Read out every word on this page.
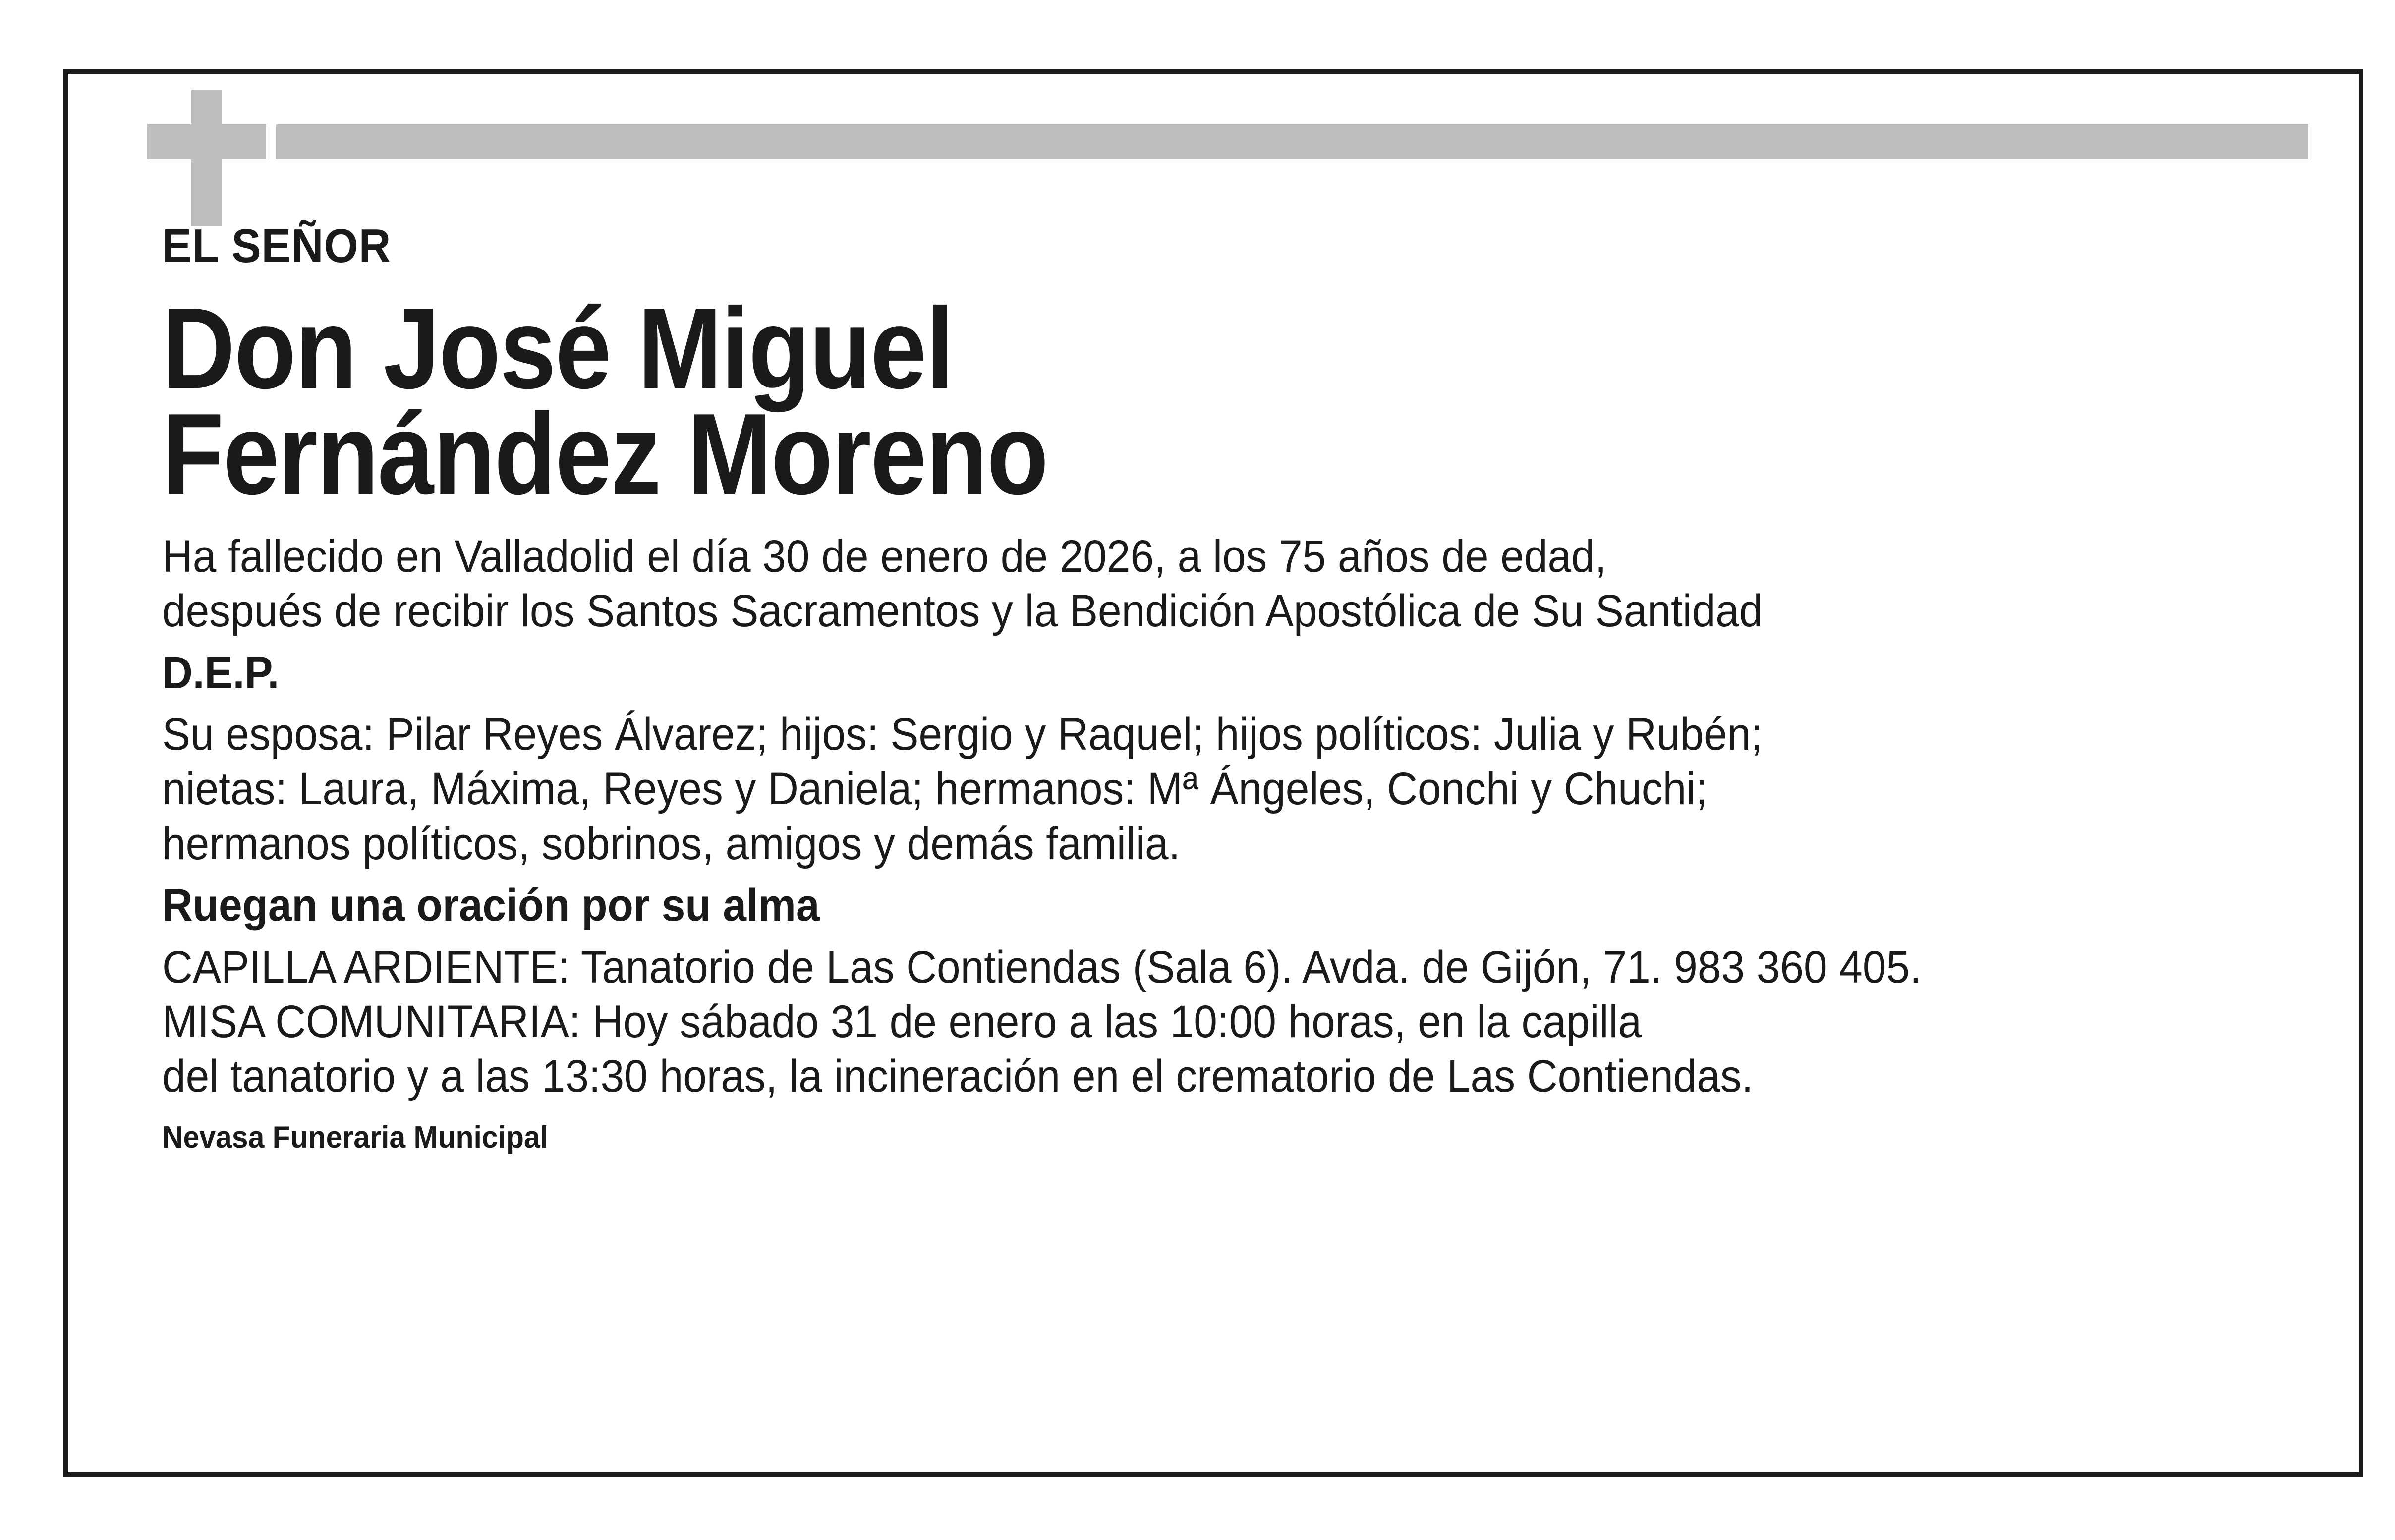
EL SEÑOR
Don José Miguel
Fernández Moreno
Ha fallecido en Valladolid el día 30 de enero de 2026, a los 75 años de edad,
después de recibir los Santos Sacramentos y la Bendición Apostólica de Su Santidad
D.E.P.
Su esposa: Pilar Reyes Álvarez; hijos: Sergio y Raquel; hijos políticos: Julia y Rubén;
nietas: Laura, Máxima, Reyes y Daniela; hermanos: Mª Ángeles, Conchi y Chuchi;
hermanos políticos, sobrinos, amigos y demás familia.
Ruegan una oración por su alma
CAPILLA ARDIENTE: Tanatorio de Las Contiendas (Sala 6). Avda. de Gijón, 71. 983 360 405.
MISA COMUNITARIA: Hoy sábado 31 de enero a las 10:00 horas, en la capilla
del tanatorio y a las 13:30 horas, la incineración en el crematorio de Las Contiendas.
Nevasa Funeraria Municipal
